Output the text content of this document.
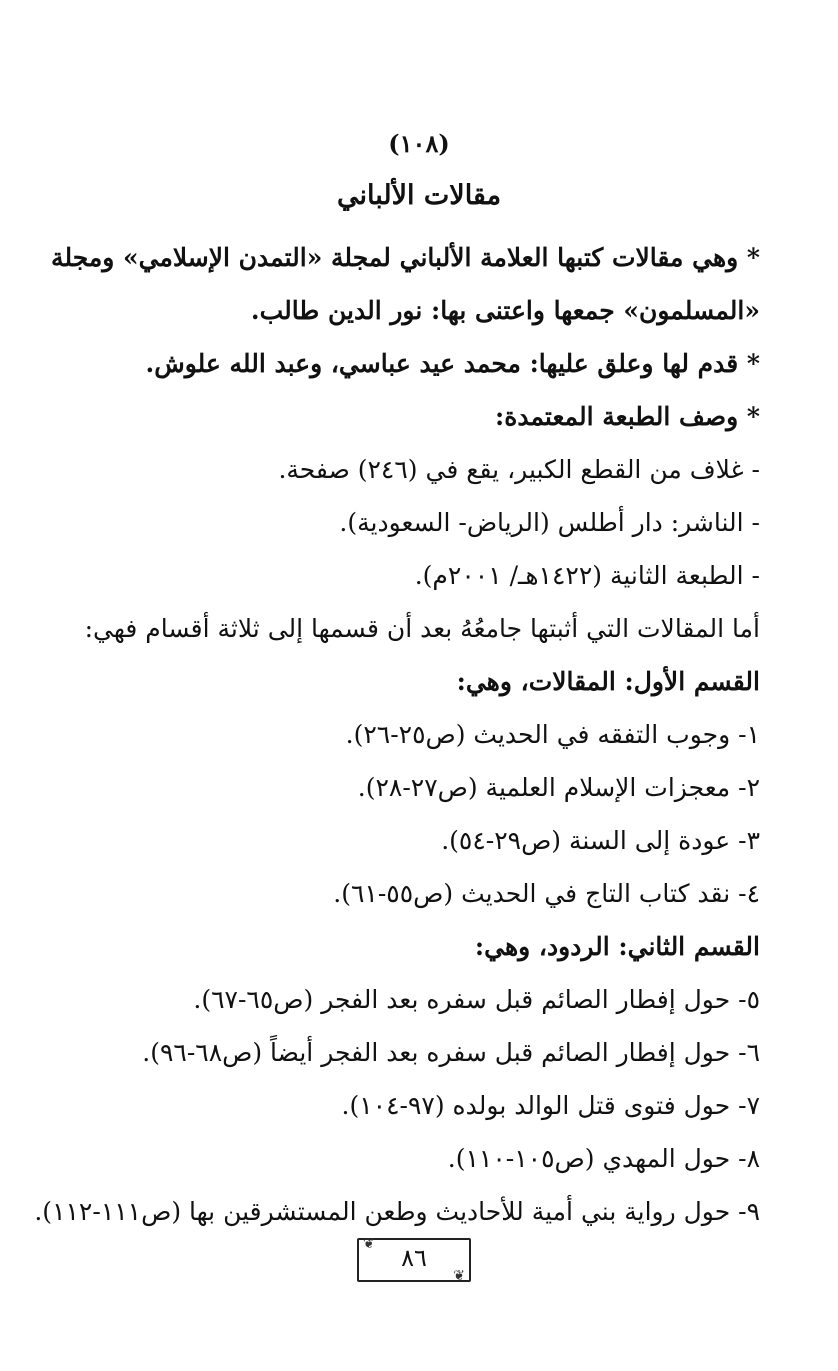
(١٠٨)
مقالات الألباني
* وهي مقالات كتبها العلامة الألباني لمجلة «التمدن الإسلامي» ومجلة
«المسلمون» جمعها واعتنى بها: نور الدين طالب.
* قدم لها وعلق عليها: محمد عيد عباسي، وعبد الله علوش.
* وصف الطبعة المعتمدة:
- غلاف من القطع الكبير، يقع في (٢٤٦) صفحة.
- الناشر: دار أطلس (الرياض- السعودية).
- الطبعة الثانية (١٤٢٢هـ/ ٢٠٠١م).
أما المقالات التي أثبتها جامعُهُ بعد أن قسمها إلى ثلاثة أقسام فهي:
القسم الأول: المقالات، وهي:
١- وجوب التفقه في الحديث (ص٢٥-٢٦).
٢- معجزات الإسلام العلمية (ص٢٧-٢٨).
٣- عودة إلى السنة (ص٢٩-٥٤).
٤- نقد كتاب التاج في الحديث (ص٥٥-٦١).
القسم الثاني: الردود، وهي:
٥- حول إفطار الصائم قبل سفره بعد الفجر (ص٦٥-٦٧).
٦- حول إفطار الصائم قبل سفره بعد الفجر أيضاً (ص٦٨-٩٦).
٧- حول فتوى قتل الوالد بولده (٩٧-١٠٤).
٨- حول المهدي (ص١٠٥-١١٠).
٩- حول رواية بني أمية للأحاديث وطعن المستشرقين بها (ص١١١-١١٢).
❦ ٨٦
❦
